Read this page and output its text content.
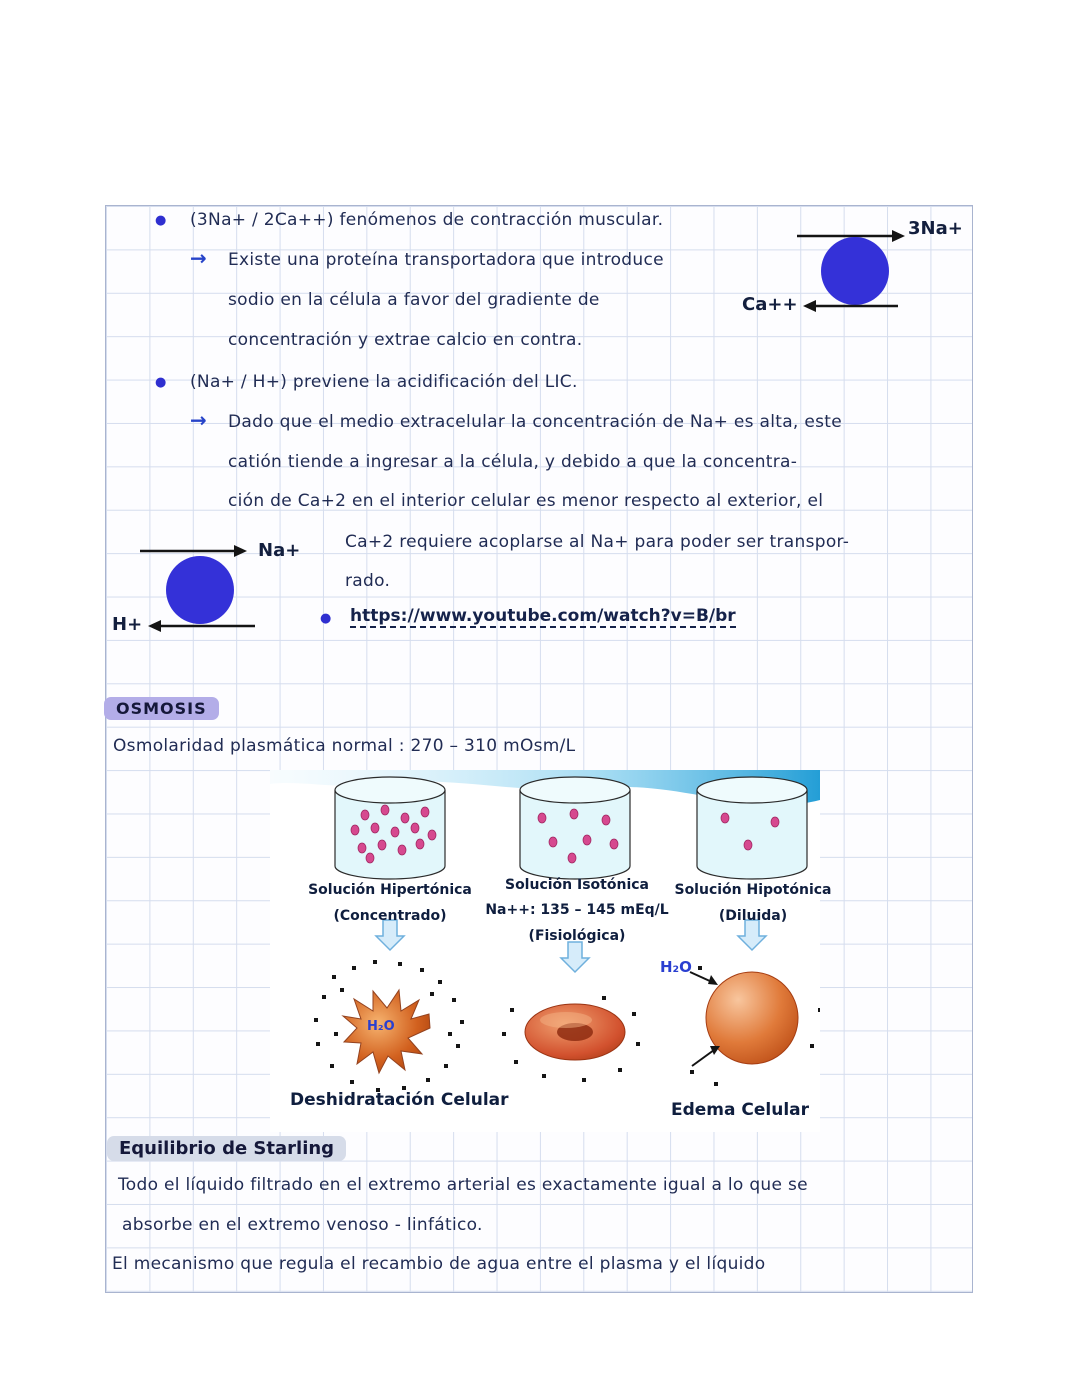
● (3Na+ / 2Ca++) fenómenos de contracción muscular.
→ Existe una proteína transportadora que introduce
sodio en la célula a favor del gradiente de
concentración y extrae calcio en contra.
3Na+
Ca++
● (Na+ / H+) previene la acidificación del LIC.
→ Dado que el medio extracelular la concentración de Na+ es alta, este
catión tiende a ingresar a la célula, y debido a que la concentra-
ción de Ca+2 en el interior celular es menor respecto al exterior, el
Ca+2 requiere acoplarse al Na+ para poder ser transpor-
rado.
Na+
H+	● https://www.youtube.com/watch?v=B/br
OSMOSIS
Osmolaridad plasmática normal : 270 – 310 mOsm/L
Solución Hipertónica
(Concentrado)
Solución Isotónica
Na++: 135 – 145 mEq/L
(Fisiológica)
Solución Hipotónica
(Diluida)
H₂O
H₂O
Deshidratación Celular	Edema Celular
Equilibrio de Starling
Todo el líquido filtrado en el extremo arterial es exactamente igual a lo que se
absorbe en el extremo venoso - linfático.
El mecanismo que regula el recambio de agua entre el plasma y el líquido
